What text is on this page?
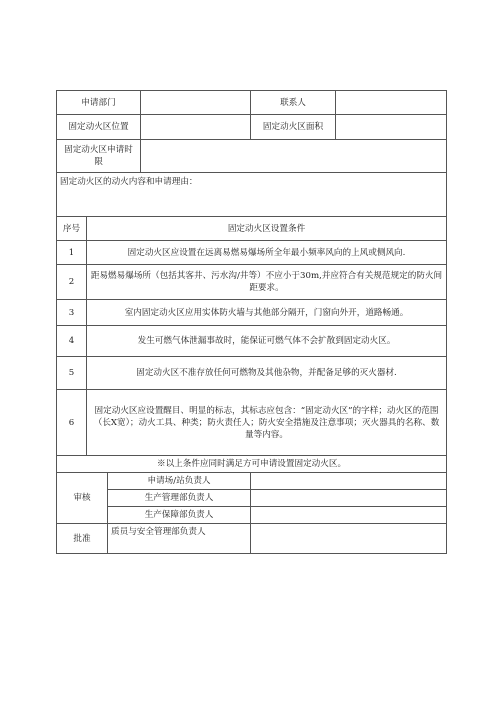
申请部门				联系人	
固定动火区位置				固定动火区面积	
固定动火区申请时限					
固定动火区的动火内容和申请理由：					
序号	固定动火区设置条件				
1	固定动火区应设置在远离易燃易爆场所全年最小频率风向的上风或侧风向.				
2	距易燃易爆场所（包括其客井、污水沟/井等）不应小于30m,并应符合有关规范规定的防火间距要求。				
3	室内固定动火区应用实体防火墙与其他部分隔开，门窗向外开，道路畅通。				
4	发生可燃气体泄漏事故时，能保证可燃气体不会扩散到固定动火区。				
5	固定动火区不准存放任何可燃物及其他杂物，并配备足够的灭火器材.				
6	固定动火区应设置醒目、明显的标志，其标志应包含：“固定动火区”的字样；动火区的范围（长X宽）；动火工具、种类；防火责任人；防火安全措施及注意事项；灭火器具的名称、数量等内容。				
※以上条件应同时满足方可申请设置固定动火区。					
审核		申请场/站负责人			
		生产管理部负责人			
		生产保障部负责人			
批准		质员与安全管理部负责人			
